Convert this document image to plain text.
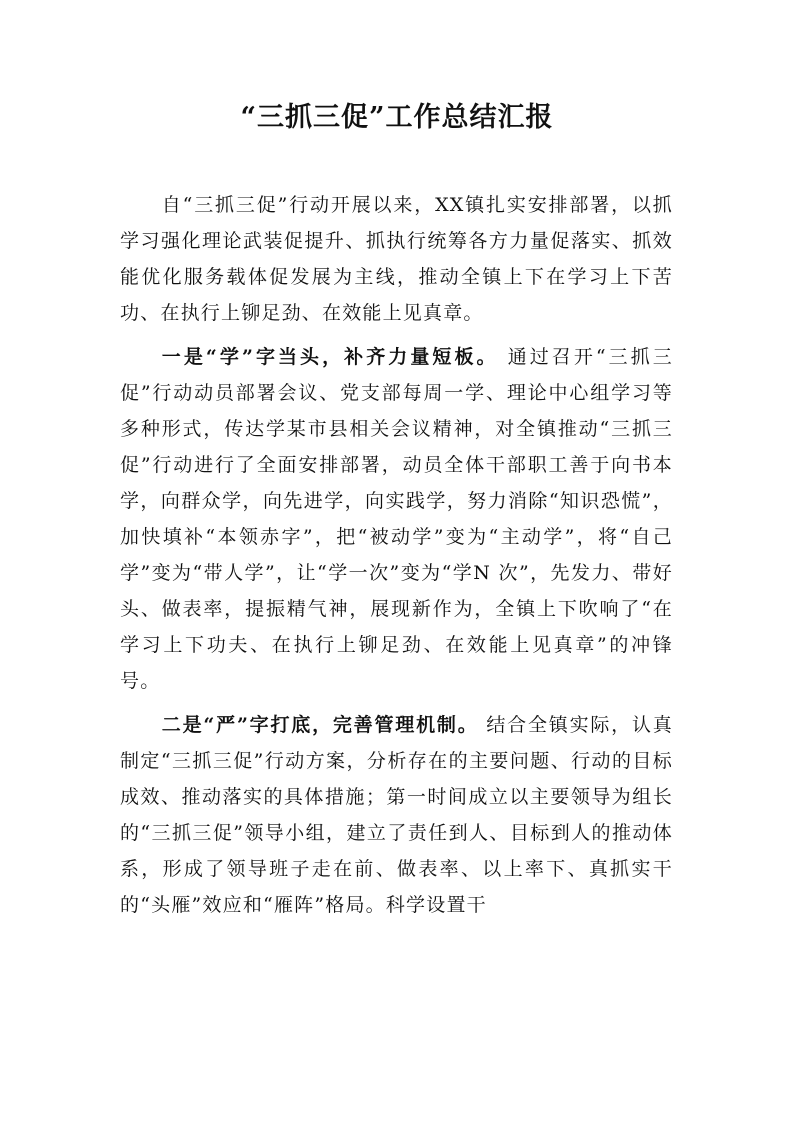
“三抓三促”工作总结汇报

自“三抓三促”行动开展以来，XX镇扎实安排部署，以抓学习强化理论武装促提升、抓执行统筹各方力量促落实、抓效能优化服务载体促发展为主线，推动全镇上下在学习上下苦功、在执行上铆足劲、在效能上见真章。

一是“学”字当头，补齐力量短板。 通过召开“三抓三促”行动动员部署会议、党支部每周一学、理论中心组学习等多种形式，传达学某市县相关会议精神，对全镇推动“三抓三促”行动进行了全面安排部署，动员全体干部职工善于向书本学，向群众学，向先进学，向实践学，努力消除“知识恐慌”，加快填补“本领赤字”，把“被动学”变为“主动学”，将“自己学”变为“带人学”，让“学一次”变为“学N 次”，先发力、带好头、做表率，提振精气神，展现新作为，全镇上下吹响了“在学习上下功夫、在执行上铆足劲、在效能上见真章”的冲锋号。

二是“严”字打底，完善管理机制。 结合全镇实际，认真制定“三抓三促”行动方案，分析存在的主要问题、行动的目标成效、推动落实的具体措施；第一时间成立以主要领导为组长的“三抓三促”领导小组，建立了责任到人、目标到人的推动体系，形成了领导班子走在前、做表率、以上率下、真抓实干的“头雁”效应和“雁阵”格局。科学设置干
